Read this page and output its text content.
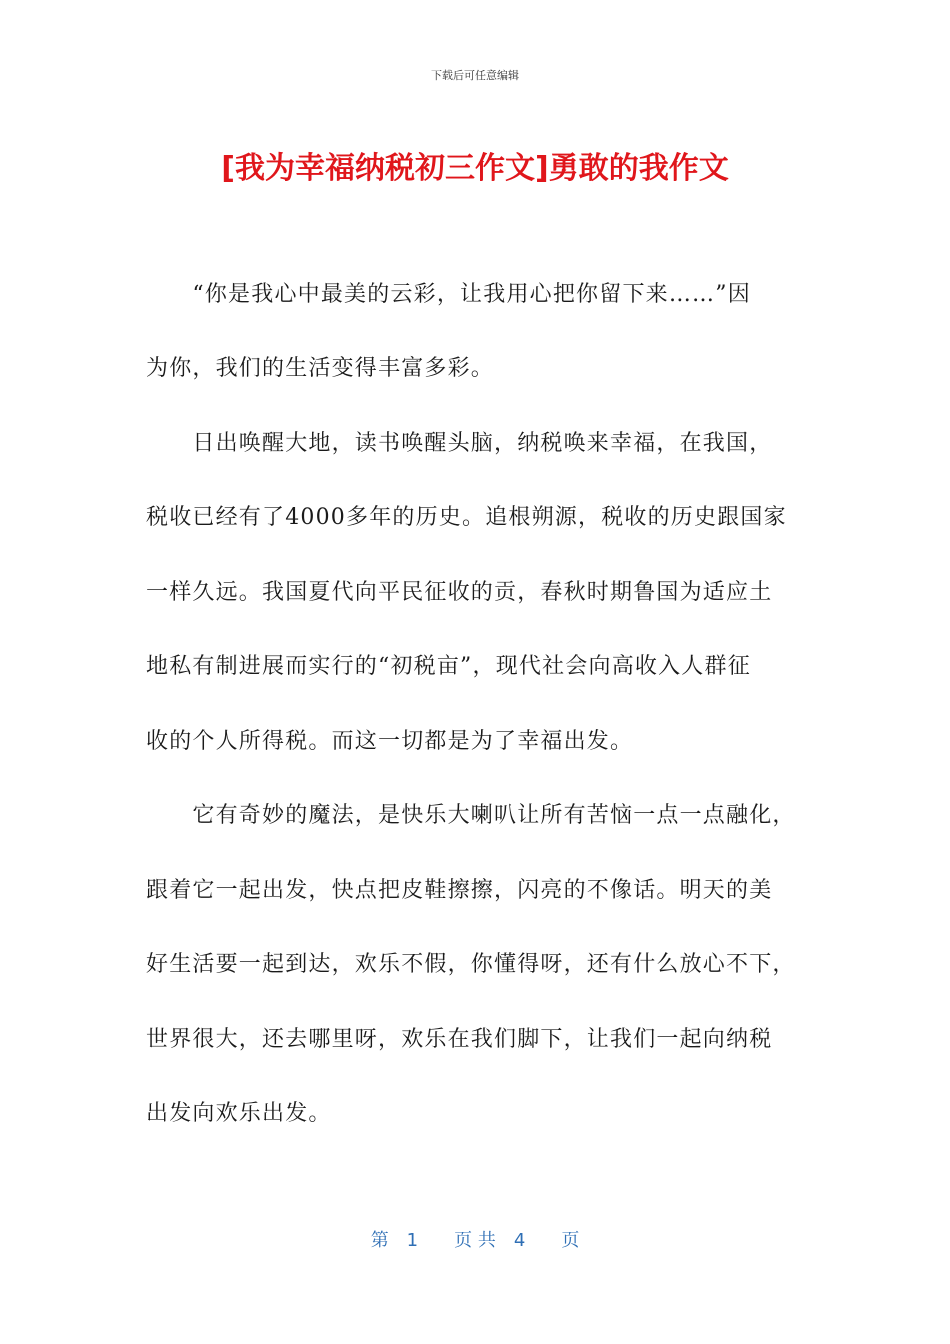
下载后可任意编辑
[我为幸福纳税初三作文]勇敢的我作文
　　“你是我心中最美的云彩，让我用心把你留下来……”因
为你，我们的生活变得丰富多彩。
　　日出唤醒大地，读书唤醒头脑，纳税唤来幸福，在我国，
税收已经有了4000多年的历史。追根朔源，税收的历史跟国家
一样久远。我国夏代向平民征收的贡，春秋时期鲁国为适应土
地私有制进展而实行的“初税亩”，现代社会向高收入人群征
收的个人所得税。而这一切都是为了幸福出发。
　　它有奇妙的魔法，是快乐大喇叭让所有苦恼一点一点融化，
跟着它一起出发，快点把皮鞋擦擦，闪亮的不像话。明天的美
好生活要一起到达，欢乐不假，你懂得呀，还有什么放心不下，
世界很大，还去哪里呀，欢乐在我们脚下，让我们一起向纳税
出发向欢乐出发。
第　1　　页 共　4　　页
